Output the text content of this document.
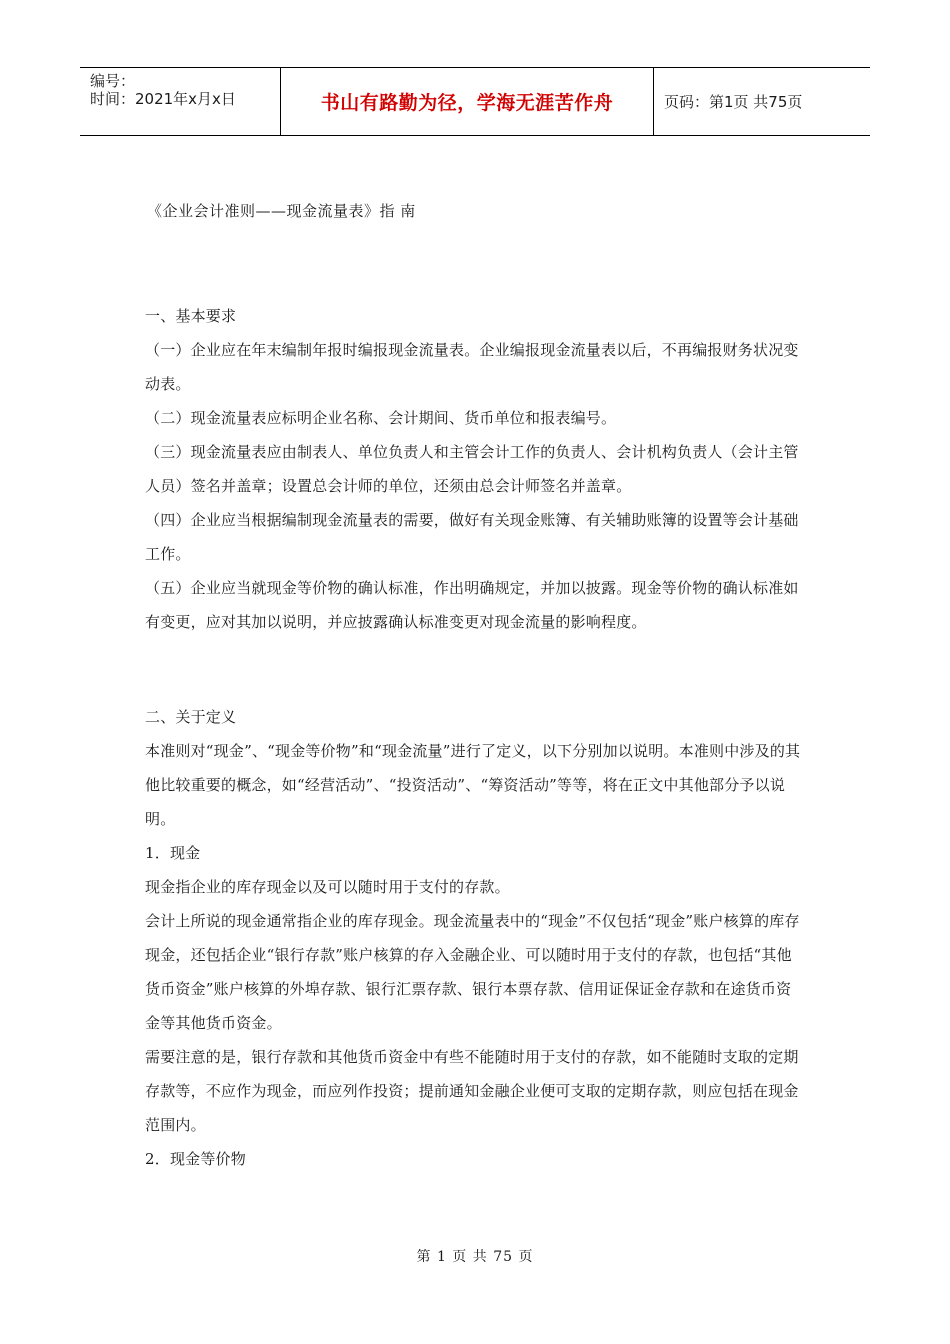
编号：
时间：2021年x月x日	书山有路勤为径，学海无涯苦作舟	页码：第1页 共75页
《企业会计准则——现金流量表》指 南

一、基本要求

（一）企业应在年末编制年报时编报现金流量表。企业编报现金流量表以后，不再编报财务状况变动表。

（二）现金流量表应标明企业名称、会计期间、货币单位和报表编号。

（三）现金流量表应由制表人、单位负责人和主管会计工作的负责人、会计机构负责人（会计主管人员）签名并盖章；设置总会计师的单位，还须由总会计师签名并盖章。

（四）企业应当根据编制现金流量表的需要，做好有关现金账簿、有关辅助账簿的设置等会计基础工作。

（五）企业应当就现金等价物的确认标准，作出明确规定，并加以披露。现金等价物的确认标准如有变更，应对其加以说明，并应披露确认标准变更对现金流量的影响程度。

二、关于定义

本准则对“现金”、“现金等价物”和“现金流量”进行了定义，以下分别加以说明。本准则中涉及的其他比较重要的概念，如“经营活动”、“投资活动”、“筹资活动”等等，将在正文中其他部分予以说明。

1．现金

现金指企业的库存现金以及可以随时用于支付的存款。

会计上所说的现金通常指企业的库存现金。现金流量表中的“现金”不仅包括“现金”账户核算的库存现金，还包括企业“银行存款”账户核算的存入金融企业、可以随时用于支付的存款，也包括“其他货币资金”账户核算的外埠存款、银行汇票存款、银行本票存款、信用证保证金存款和在途货币资金等其他货币资金。

需要注意的是，银行存款和其他货币资金中有些不能随时用于支付的存款，如不能随时支取的定期存款等，不应作为现金，而应列作投资；提前通知金融企业便可支取的定期存款，则应包括在现金范围内。

2．现金等价物

第 1 页 共 75 页
